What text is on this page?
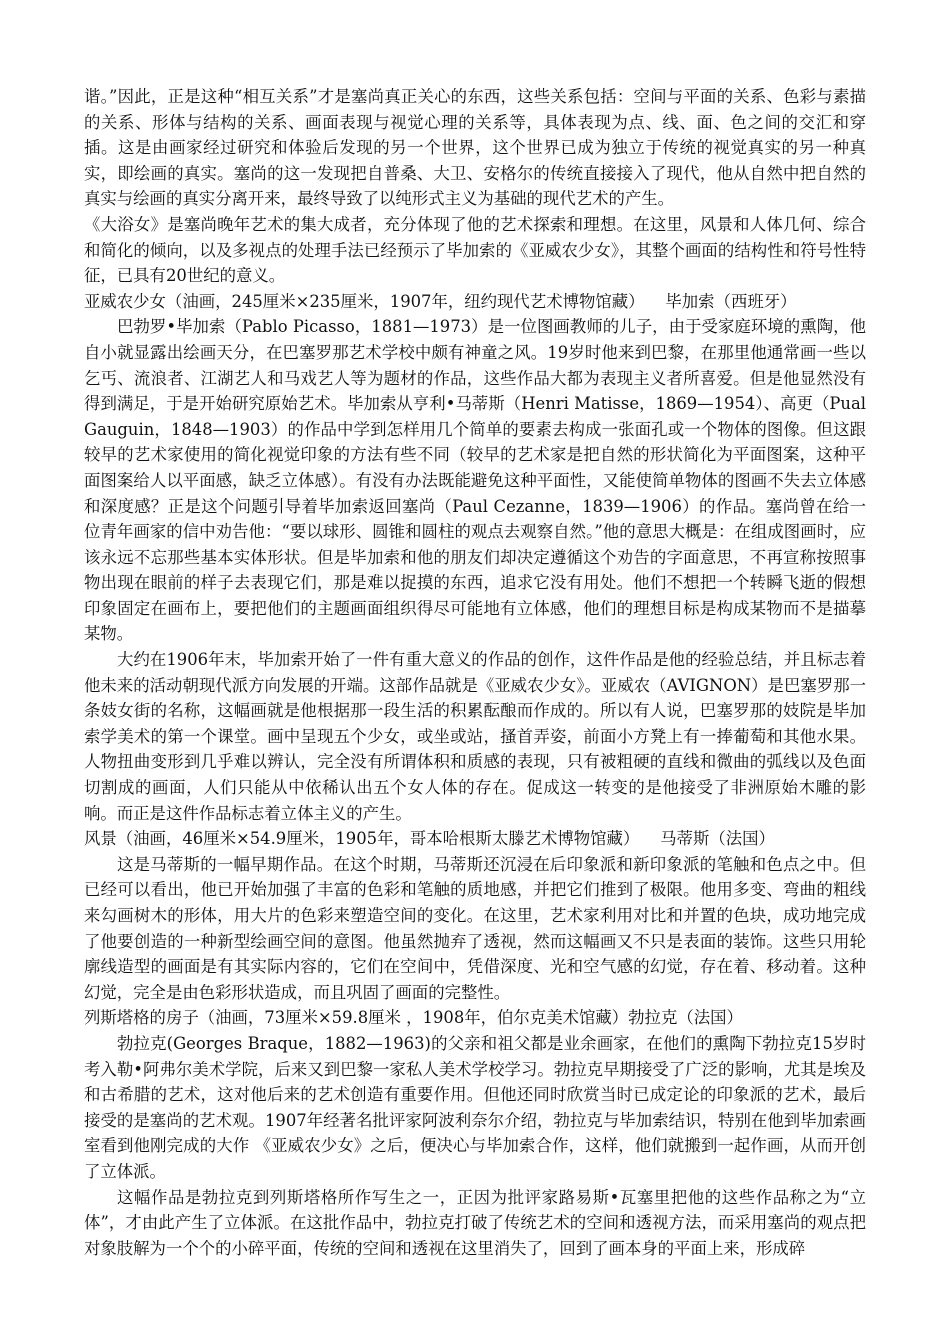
谐。”因此，正是这种“相互关系”才是塞尚真正关心的东西，这些关系包括：空间与平面的关系、色彩与素描的关系、形体与结构的关系、画面表现与视觉心理的关系等，具体表现为点、线、面、色之间的交汇和穿插。这是由画家经过研究和体验后发现的另一个世界，这个世界已成为独立于传统的视觉真实的另一种真实，即绘画的真实。塞尚的这一发现把自普桑、大卫、安格尔的传统直接接入了现代，他从自然中把自然的真实与绘画的真实分离开来，最终导致了以纯形式主义为基础的现代艺术的产生。

《大浴女》是塞尚晚年艺术的集大成者，充分体现了他的艺术探索和理想。在这里，风景和人体几何、综合和简化的倾向，以及多视点的处理手法已经预示了毕加索的《亚威农少女》，其整个画面的结构性和符号性特征，已具有20世纪的意义。

亚威农少女（油画，245厘米×235厘米，1907年，纽约现代艺术博物馆藏）    毕加索（西班牙）

巴勃罗•毕加索（Pablo Picasso，1881—1973）是一位图画教师的儿子，由于受家庭环境的熏陶，他自小就显露出绘画天分，在巴塞罗那艺术学校中颇有神童之风。19岁时他来到巴黎，在那里他通常画一些以乞丐、流浪者、江湖艺人和马戏艺人等为题材的作品，这些作品大都为表现主义者所喜爱。但是他显然没有得到满足，于是开始研究原始艺术。毕加索从亨利•马蒂斯（Henri Matisse，1869—1954）、高更（Pual Gauguin，1848—1903）的作品中学到怎样用几个简单的要素去构成一张面孔或一个物体的图像。但这跟较早的艺术家使用的简化视觉印象的方法有些不同（较早的艺术家是把自然的形状简化为平面图案，这种平面图案给人以平面感，缺乏立体感）。有没有办法既能避免这种平面性，又能使简单物体的图画不失去立体感和深度感？正是这个问题引导着毕加索返回塞尚（Paul Cezanne，1839—1906）的作品。塞尚曾在给一位青年画家的信中劝告他：“要以球形、圆锥和圆柱的观点去观察自然。”他的意思大概是：在组成图画时，应该永远不忘那些基本实体形状。但是毕加索和他的朋友们却决定遵循这个劝告的字面意思，不再宣称按照事物出现在眼前的样子去表现它们，那是难以捉摸的东西，追求它没有用处。他们不想把一个转瞬飞逝的假想印象固定在画布上，要把他们的主题画面组织得尽可能地有立体感，他们的理想目标是构成某物而不是描摹某物。

大约在1906年末，毕加索开始了一件有重大意义的作品的创作，这件作品是他的经验总结，并且标志着他未来的活动朝现代派方向发展的开端。这部作品就是《亚威农少女》。亚威农（AVIGNON）是巴塞罗那一条妓女街的名称，这幅画就是他根据那一段生活的积累酝酿而作成的。所以有人说，巴塞罗那的妓院是毕加索学美术的第一个课堂。画中呈现五个少女，或坐或站，搔首弄姿，前面小方凳上有一捧葡萄和其他水果。人物扭曲变形到几乎难以辨认，完全没有所谓体积和质感的表现，只有被粗硬的直线和微曲的弧线以及色面切割成的画面，人们只能从中依稀认出五个女人体的存在。促成这一转变的是他接受了非洲原始木雕的影响。而正是这件作品标志着立体主义的产生。

风景（油画，46厘米×54.9厘米，1905年，哥本哈根斯太滕艺术博物馆藏）    马蒂斯（法国）

这是马蒂斯的一幅早期作品。在这个时期，马蒂斯还沉浸在后印象派和新印象派的笔触和色点之中。但已经可以看出，他已开始加强了丰富的色彩和笔触的质地感，并把它们推到了极限。他用多变、弯曲的粗线来勾画树木的形体，用大片的色彩来塑造空间的变化。在这里，艺术家利用对比和并置的色块，成功地完成了他要创造的一种新型绘画空间的意图。他虽然抛弃了透视，然而这幅画又不只是表面的装饰。这些只用轮廓线造型的画面是有其实际内容的，它们在空间中，凭借深度、光和空气感的幻觉，存在着、移动着。这种幻觉，完全是由色彩形状造成，而且巩固了画面的完整性。

列斯塔格的房子（油画，73厘米×59.8厘米 ，1908年，伯尔克美术馆藏）勃拉克（法国）

勃拉克(Georges Braque，1882—1963)的父亲和祖父都是业余画家，在他们的熏陶下勃拉克15岁时考入勒•阿弗尔美术学院，后来又到巴黎一家私人美术学校学习。勃拉克早期接受了广泛的影响，尤其是埃及和古希腊的艺术，这对他后来的艺术创造有重要作用。但他还同时欣赏当时已成定论的印象派的艺术，最后接受的是塞尚的艺术观。1907年经著名批评家阿波利奈尔介绍，勃拉克与毕加索结识，特别在他到毕加索画室看到他刚完成的大作 《亚威农少女》之后，便决心与毕加索合作，这样，他们就搬到一起作画，从而开创了立体派。

这幅作品是勃拉克到列斯塔格所作写生之一，正因为批评家路易斯•瓦塞里把他的这些作品称之为“立体”，才由此产生了立体派。在这批作品中，勃拉克打破了传统艺术的空间和透视方法，而采用塞尚的观点把对象肢解为一个个的小碎平面，传统的空间和透视在这里消失了，回到了画本身的平面上来，形成碎
